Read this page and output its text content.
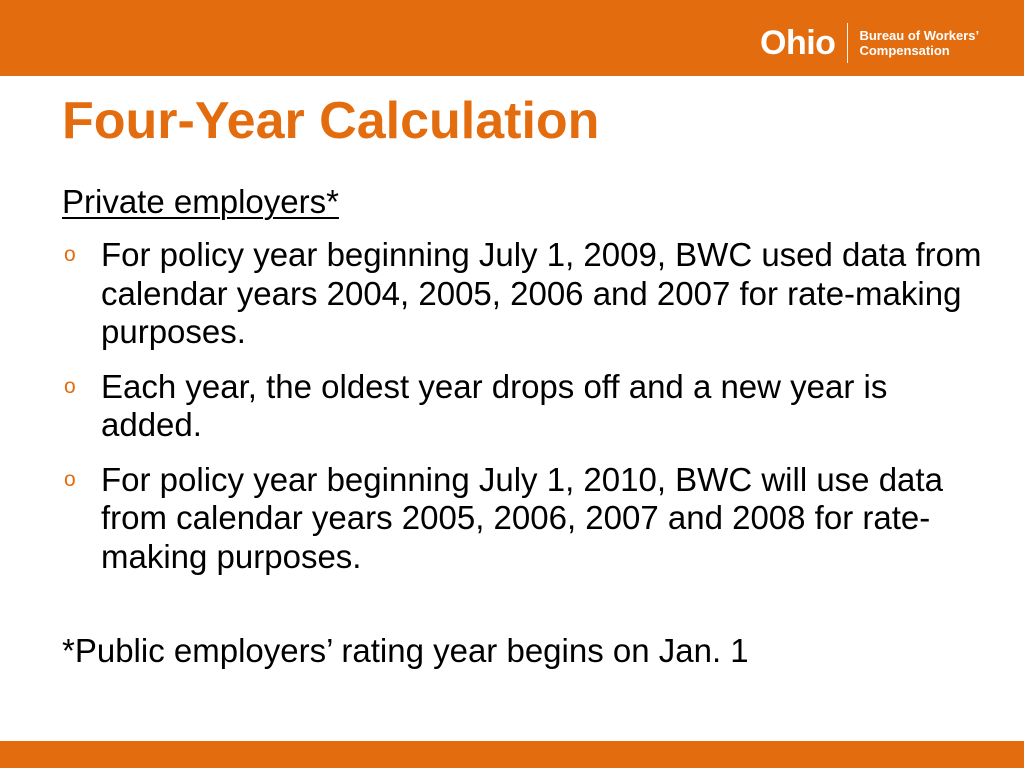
Ohio Bureau of Workers’
Compensation
Four-Year Calculation
Private employers*
o For policy year beginning July 1, 2009, BWC used data from calendar years 2004, 2005, 2006 and 2007 for rate-making purposes.
o Each year, the oldest year drops off and a new year is added.
o For policy year beginning July 1, 2010, BWC will use data from calendar years 2005, 2006, 2007 and 2008 for rate-making purposes.
*Public employers’ rating year begins on Jan. 1
